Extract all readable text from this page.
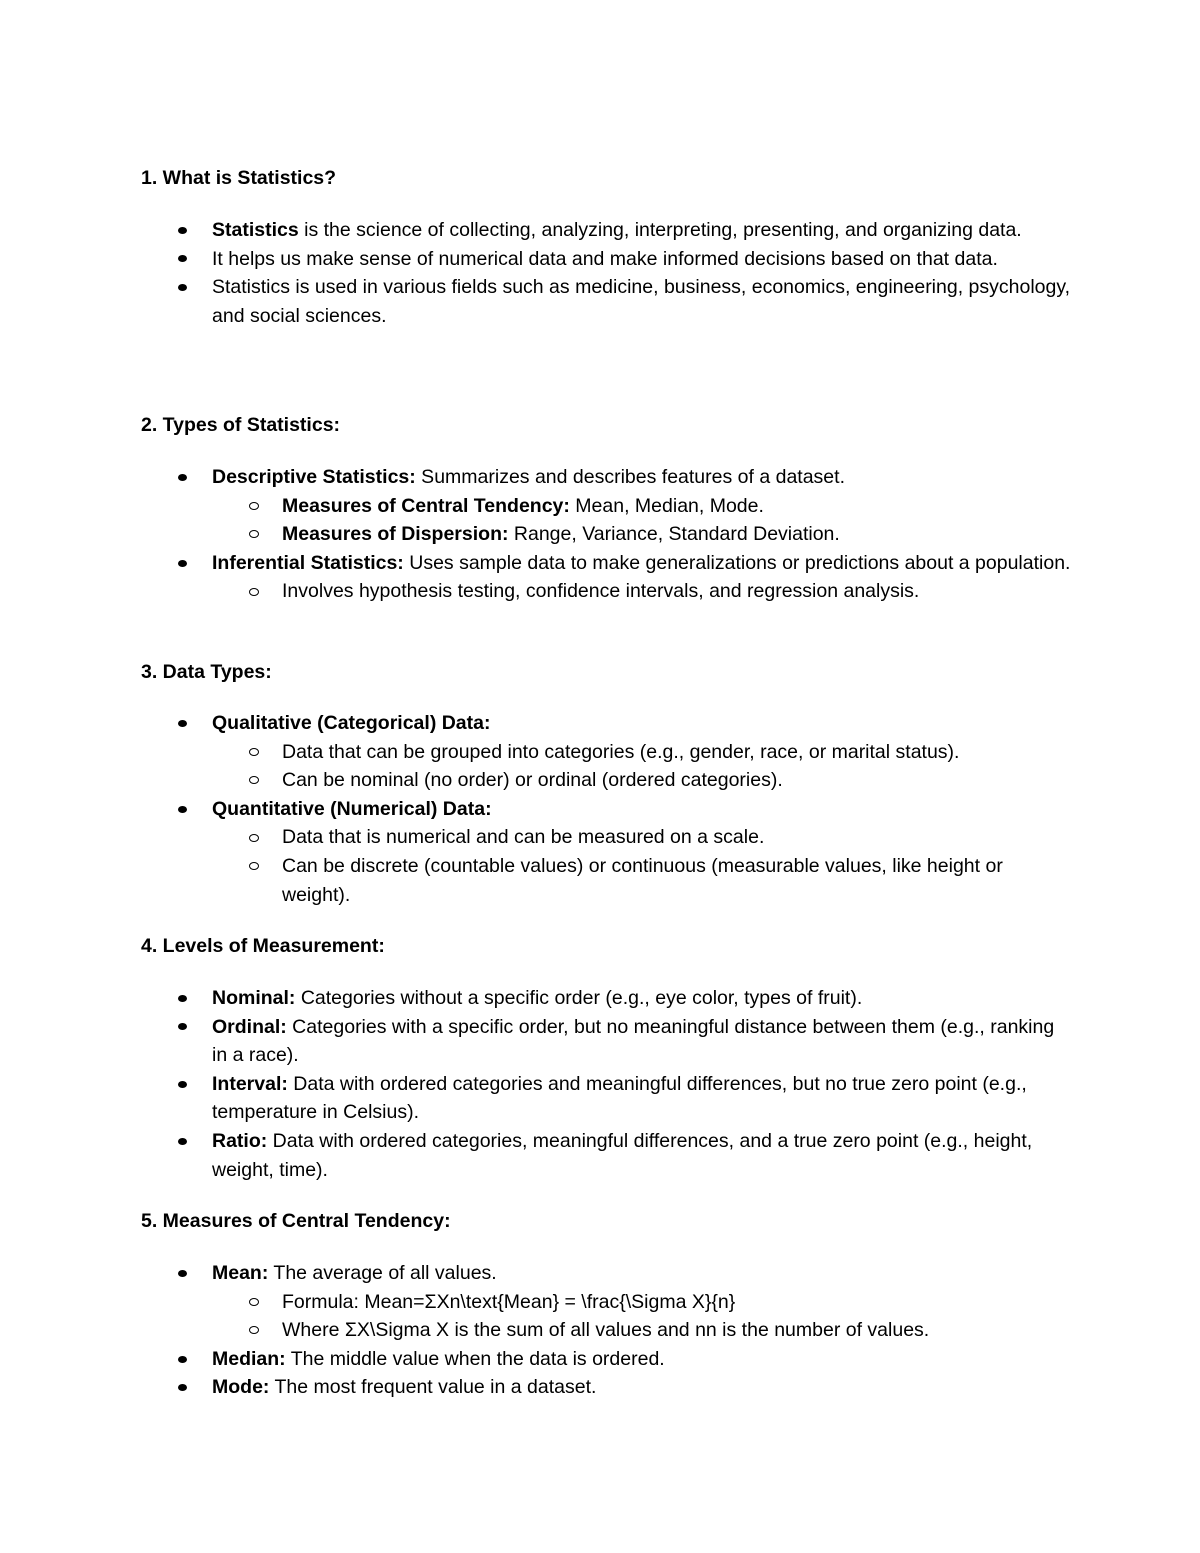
1. What is Statistics?
Statistics is the science of collecting, analyzing, interpreting, presenting, and organizing data.
It helps us make sense of numerical data and make informed decisions based on that data.
Statistics is used in various fields such as medicine, business, economics, engineering, psychology, and social sciences.
2. Types of Statistics:
Descriptive Statistics: Summarizes and describes features of a dataset.
Measures of Central Tendency: Mean, Median, Mode.
Measures of Dispersion: Range, Variance, Standard Deviation.
Inferential Statistics: Uses sample data to make generalizations or predictions about a population.
Involves hypothesis testing, confidence intervals, and regression analysis.
3. Data Types:
Qualitative (Categorical) Data:
Data that can be grouped into categories (e.g., gender, race, or marital status).
Can be nominal (no order) or ordinal (ordered categories).
Quantitative (Numerical) Data:
Data that is numerical and can be measured on a scale.
Can be discrete (countable values) or continuous (measurable values, like height or weight).
4. Levels of Measurement:
Nominal: Categories without a specific order (e.g., eye color, types of fruit).
Ordinal: Categories with a specific order, but no meaningful distance between them (e.g., ranking in a race).
Interval: Data with ordered categories and meaningful differences, but no true zero point (e.g., temperature in Celsius).
Ratio: Data with ordered categories, meaningful differences, and a true zero point (e.g., height, weight, time).
5. Measures of Central Tendency:
Mean: The average of all values.
Formula: Mean=ΣXn\text{Mean} = \frac{\Sigma X}{n}
Where ΣX\Sigma X is the sum of all values and nn is the number of values.
Median: The middle value when the data is ordered.
Mode: The most frequent value in a dataset.
